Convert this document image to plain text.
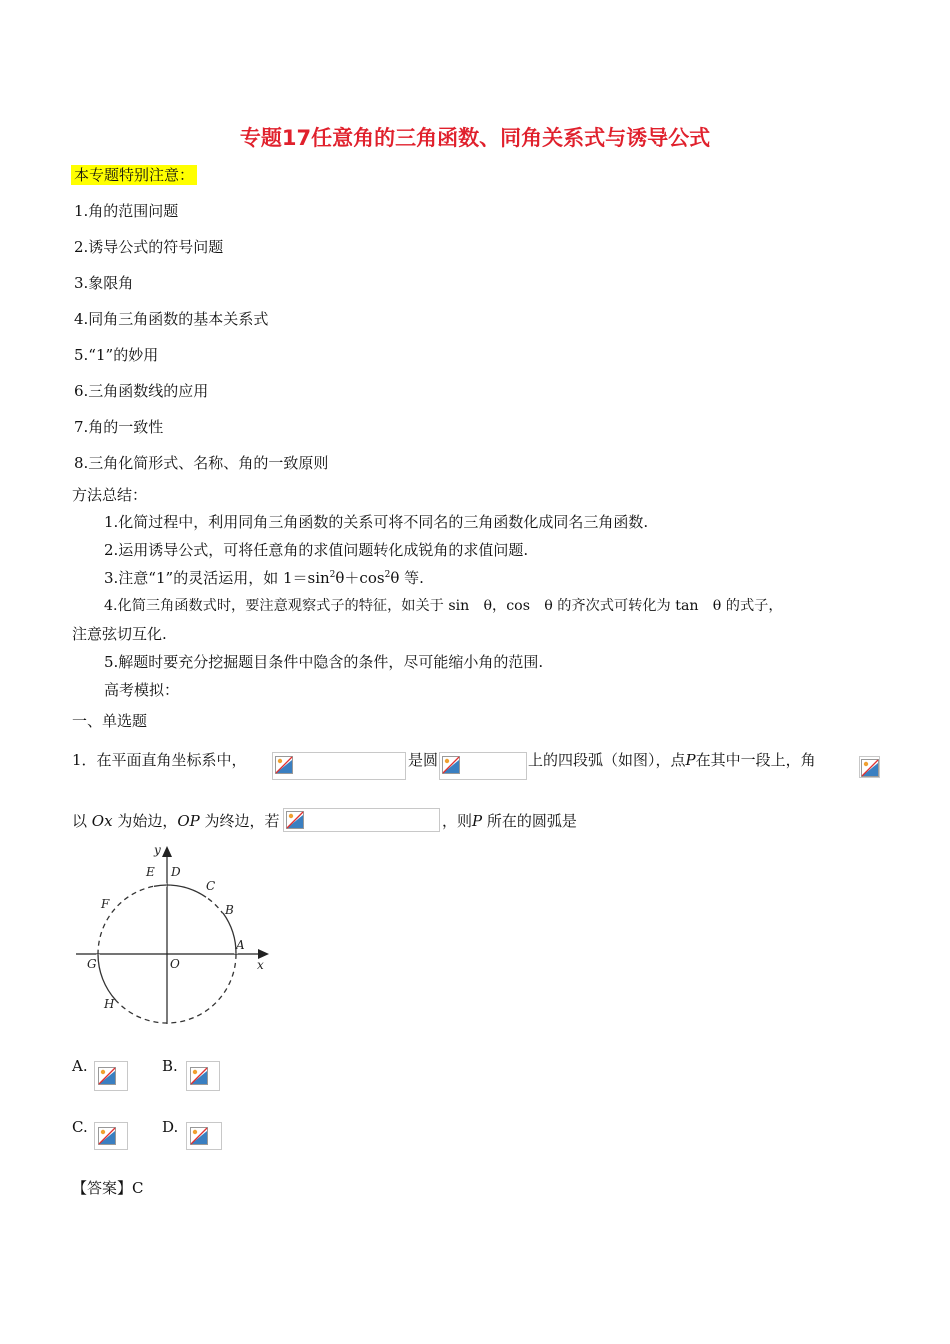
专题17任意角的三角函数、同角关系式与诱导公式
本专题特别注意：
1.角的范围问题
2.诱导公式的符号问题
3.象限角
4.同角三角函数的基本关系式
5.“1”的妙用
6.三角函数线的应用
7.角的一致性
8.三角化简形式、名称、角的一致原则
方法总结：
1.化简过程中，利用同角三角函数的关系可将不同名的三角函数化成同名三角函数.
2.运用诱导公式，可将任意角的求值问题转化成锐角的求值问题.
3.注意“1”的灵活运用，如 $1=\sin^2\theta+\cos^2\theta$ 等.
4.化简三角函数式时，要注意观察式子的特征，如关于 sin　θ，cos　θ 的齐次式可转化为 tan　θ 的式子，
注意弦切互化.
5.解题时要充分挖掘题目条件中隐含的条件，尽可能缩小角的范围.
高考模拟：
一、单选题
1．在平面直角坐标系中，	是圆	上的四段弧（如图），点P在其中一段上，角
以 Ox 为始边，OP 为终边，若	，则P 所在的圆弧是
y
x
O
A
B
C
D
E
F
G
H
A.	B.
C.	D.
【答案】C
